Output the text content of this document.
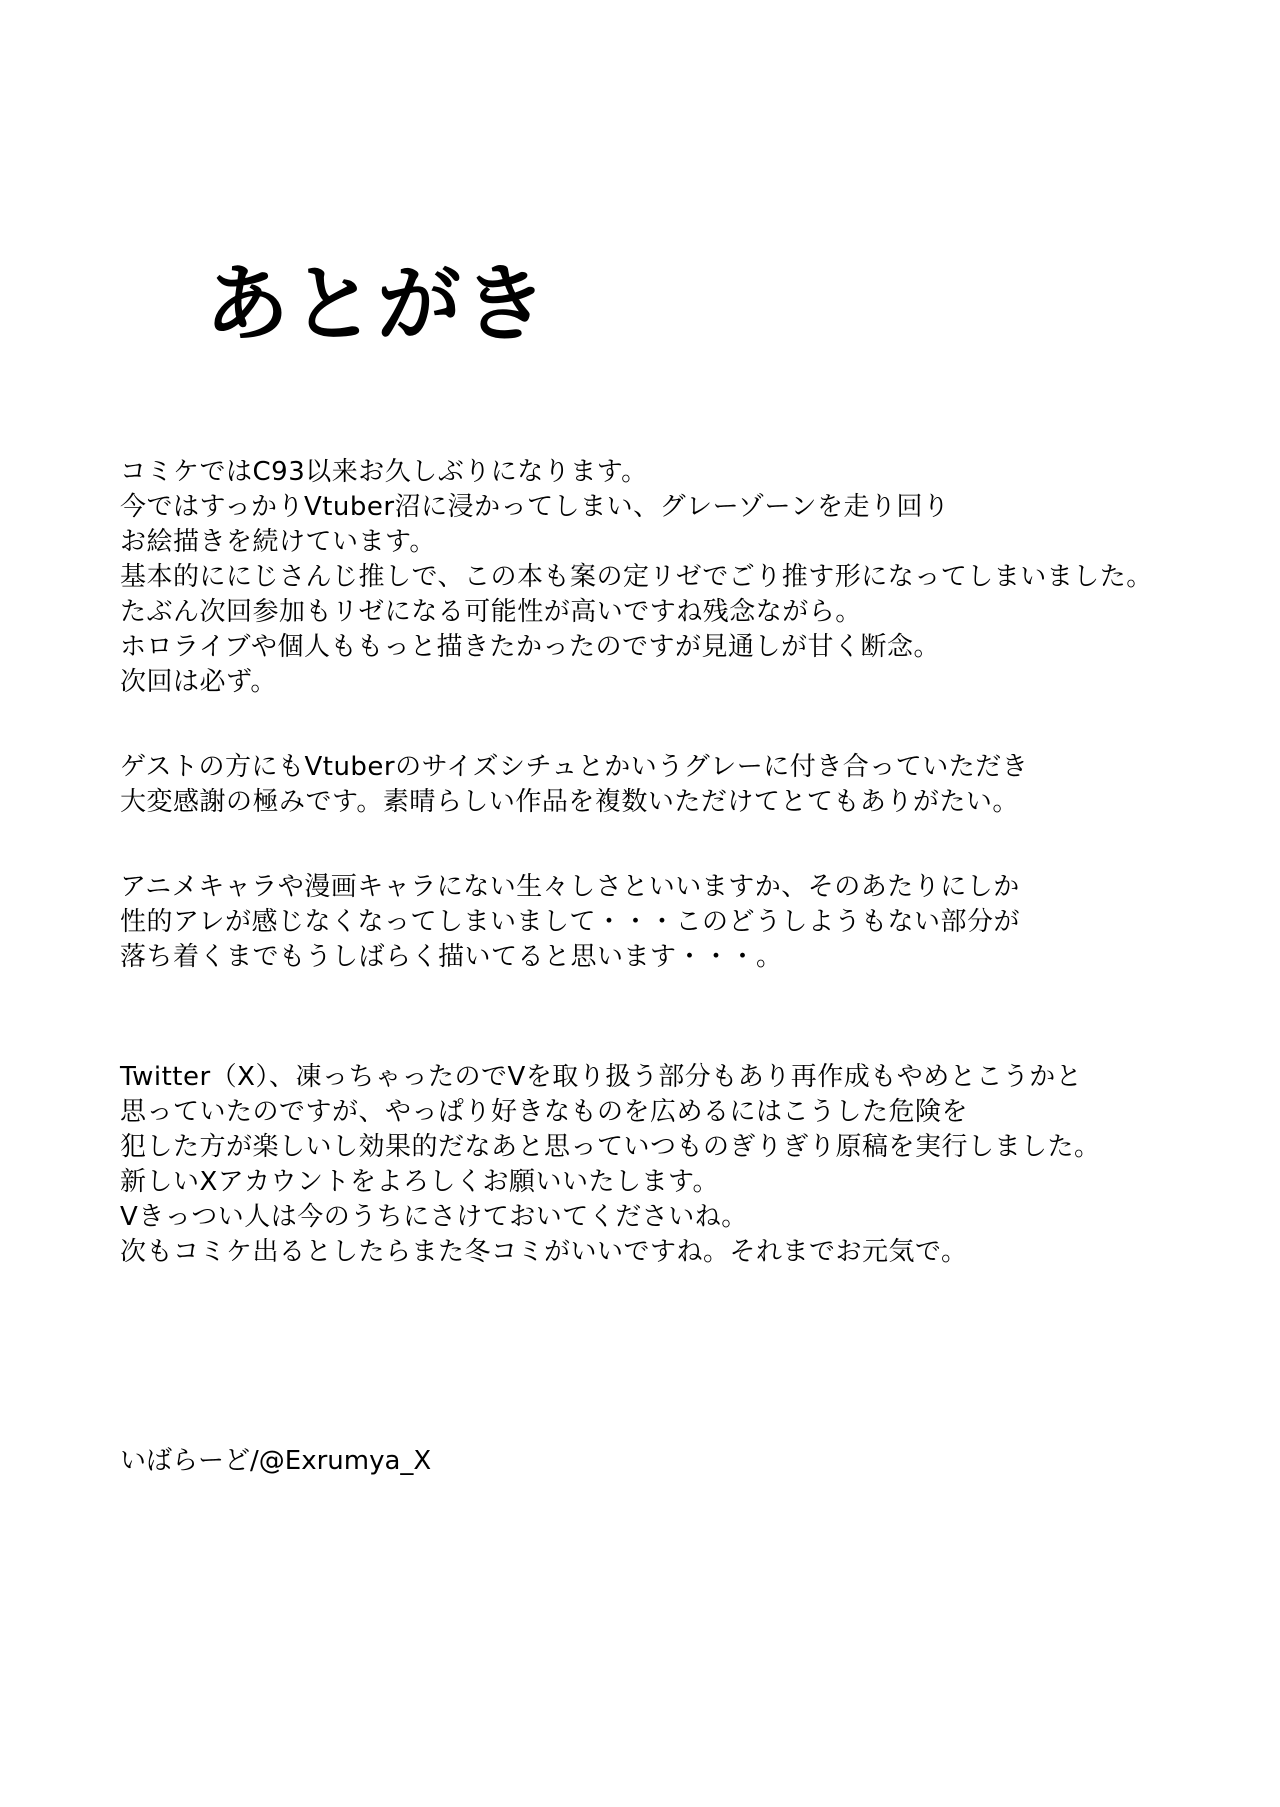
あとがき
コミケではC93以来お久しぶりになります。
今ではすっかりVtuber沼に浸かってしまい、グレーゾーンを走り回り
お絵描きを続けています。
基本的ににじさんじ推しで、この本も案の定リゼでごり推す形になってしまいました。
たぶん次回参加もリゼになる可能性が高いですね残念ながら。
ホロライブや個人ももっと描きたかったのですが見通しが甘く断念。
次回は必ず。
ゲストの方にもVtuberのサイズシチュとかいうグレーに付き合っていただき
大変感謝の極みです。素晴らしい作品を複数いただけてとてもありがたい。
アニメキャラや漫画キャラにない生々しさといいますか、そのあたりにしか
性的アレが感じなくなってしまいまして・・・このどうしようもない部分が
落ち着くまでもうしばらく描いてると思います・・・。
Twitter（X）、凍っちゃったのでVを取り扱う部分もあり再作成もやめとこうかと
思っていたのですが、やっぱり好きなものを広めるにはこうした危険を
犯した方が楽しいし効果的だなあと思っていつものぎりぎり原稿を実行しました。
新しいXアカウントをよろしくお願いいたします。
Vきっつい人は今のうちにさけておいてくださいね。
次もコミケ出るとしたらまた冬コミがいいですね。それまでお元気で。
いばらーど/@Exrumya_X
